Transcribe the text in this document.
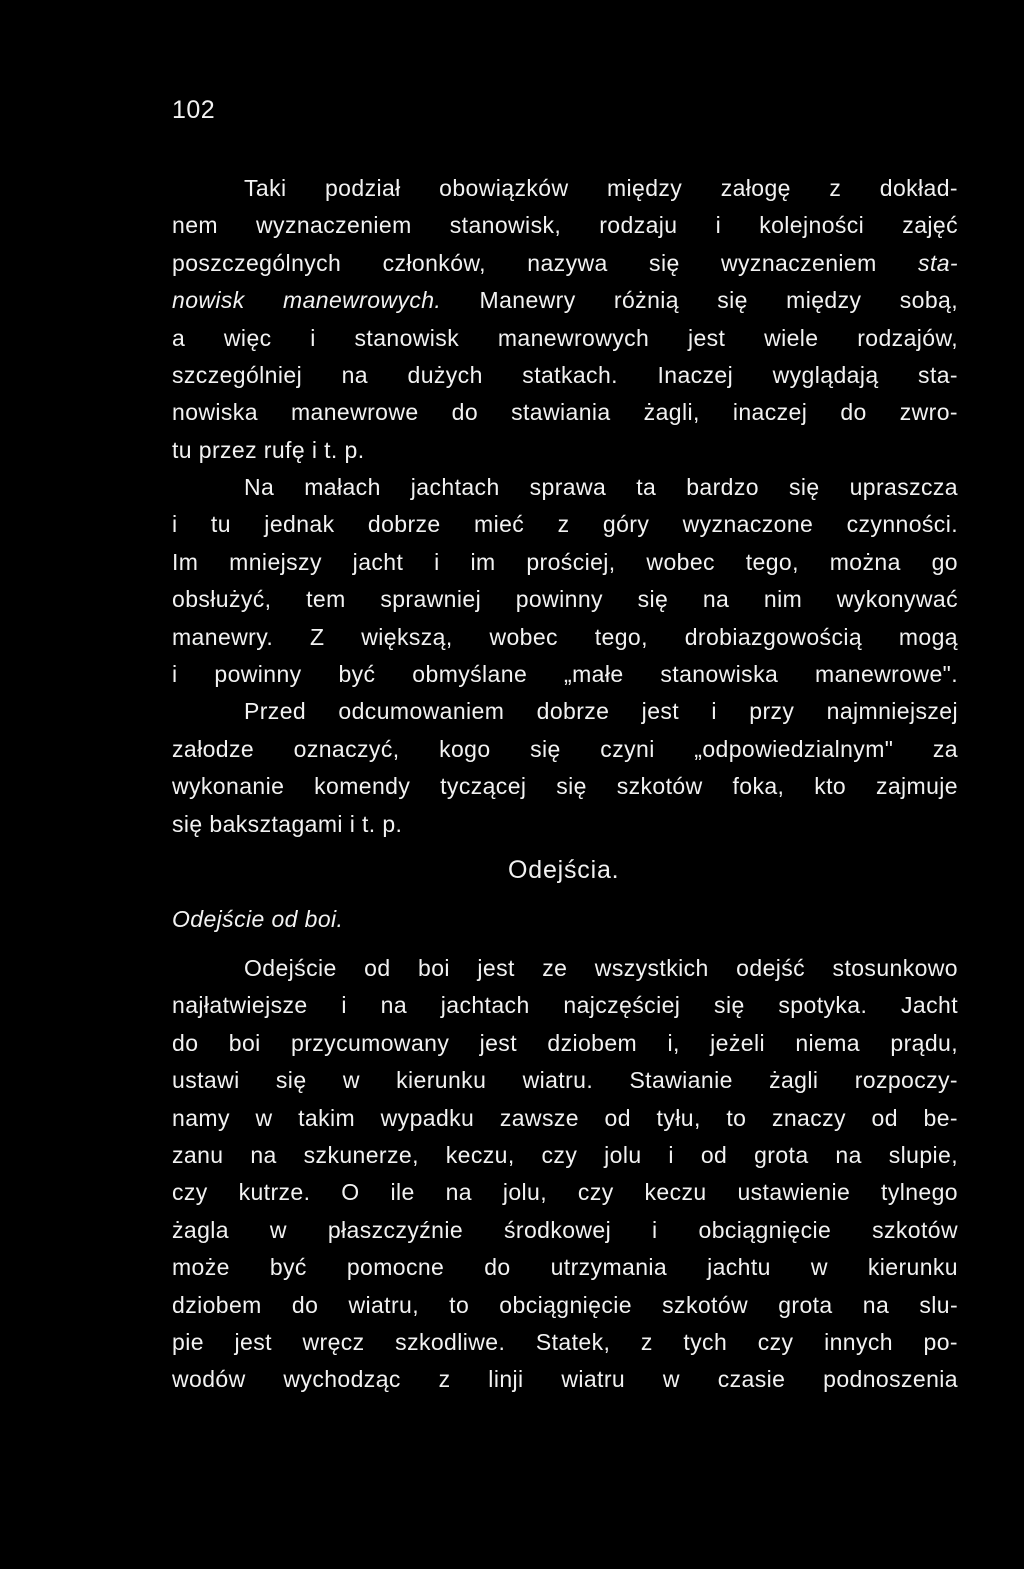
102
Taki podział obowiązków między załogę z dokład-
nem wyznaczeniem stanowisk, rodzaju i kolejności zajęć
poszczególnych członków, nazywa się wyznaczeniem sta-
nowisk manewrowych. Manewry różnią się między sobą,
a więc i stanowisk manewrowych jest wiele rodzajów,
szczególniej na dużych statkach. Inaczej wyglądają sta-
nowiska manewrowe do stawiania żagli, inaczej do zwro-
tu przez rufę i t. p.
Na małach jachtach sprawa ta bardzo się upraszcza
i tu jednak dobrze mieć z góry wyznaczone czynności.
Im mniejszy jacht i im prościej, wobec tego, można go
obsłużyć, tem sprawniej powinny się na nim wykonywać
manewry. Z większą, wobec tego, drobiazgowością mogą
i powinny być obmyślane „małe stanowiska manewrowe".
Przed odcumowaniem dobrze jest i przy najmniejszej
załodze oznaczyć, kogo się czyni „odpowiedzialnym" za
wykonanie komendy tyczącej się szkotów foka, kto zajmuje
się baksztagami i t. p.
Odejścia.
Odejście od boi.
Odejście od boi jest ze wszystkich odejść stosunkowo
najłatwiejsze i na jachtach najczęściej się spotyka. Jacht
do boi przycumowany jest dziobem i, jeżeli niema prądu,
ustawi się w kierunku wiatru. Stawianie żagli rozpoczy-
namy w takim wypadku zawsze od tyłu, to znaczy od be-
zanu na szkunerze, keczu, czy jolu i od grota na slupie,
czy kutrze. O ile na jolu, czy keczu ustawienie tylnego
żagla w płaszczyźnie środkowej i obciągnięcie szkotów
może być pomocne do utrzymania jachtu w kierunku
dziobem do wiatru, to obciągnięcie szkotów grota na slu-
pie jest wręcz szkodliwe. Statek, z tych czy innych po-
wodów wychodząc z linji wiatru w czasie podnoszenia
